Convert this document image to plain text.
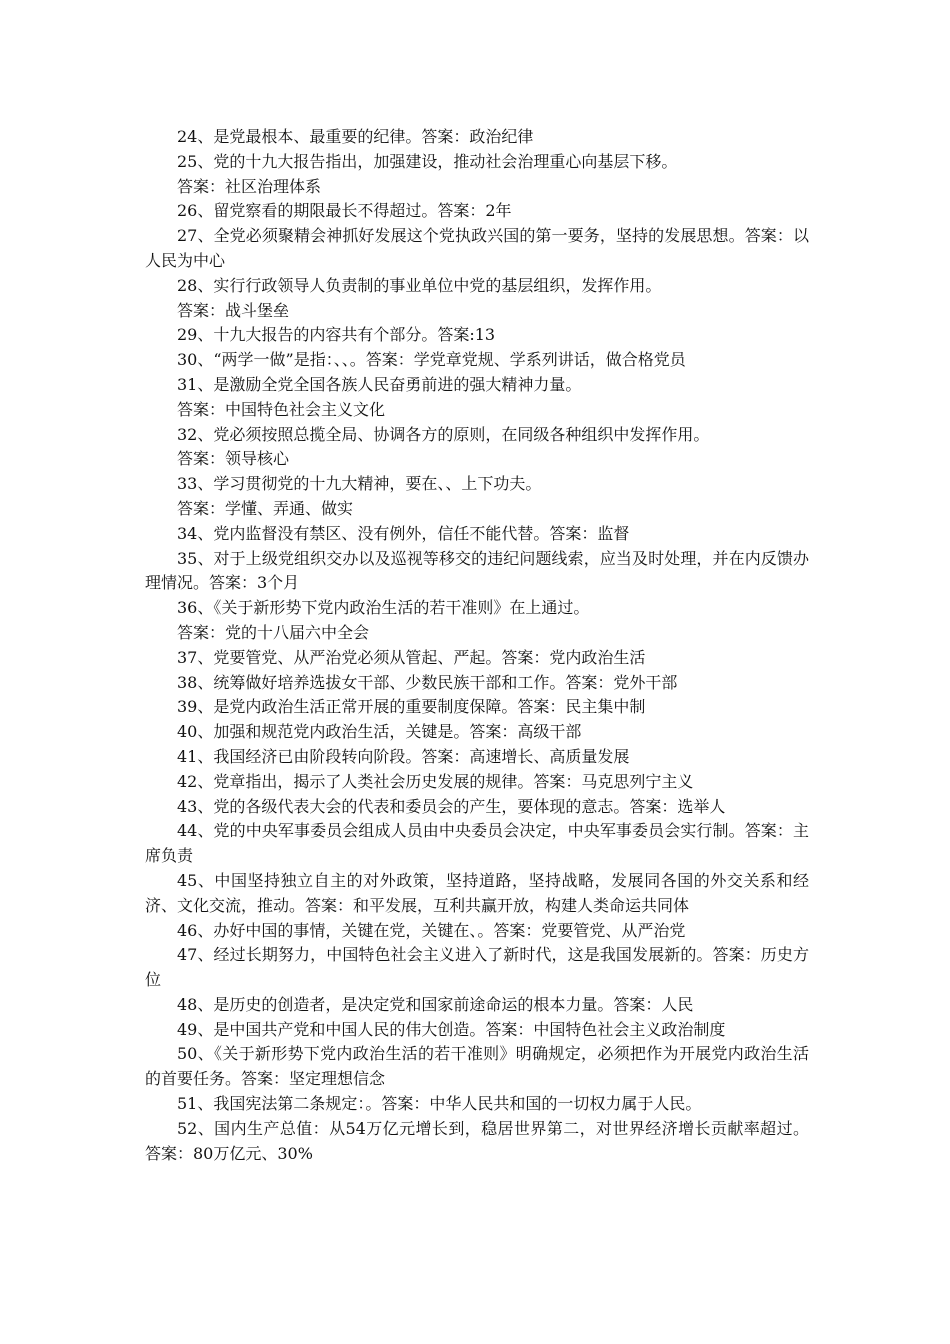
24、是党最根本、最重要的纪律。答案：政治纪律

25、党的十九大报告指出，加强建设，推动社会治理重心向基层下移。

答案：社区治理体系

26、留党察看的期限最长不得超过。答案：2年

27、全党必须聚精会神抓好发展这个党执政兴国的第一要务，坚持的发展思想。答案：以人民为中心

28、实行行政领导人负责制的事业单位中党的基层组织，发挥作用。

答案：战斗堡垒

29、十九大报告的内容共有个部分。答案:13

30、“两学一做”是指：、、。答案：学党章党规、学系列讲话，做合格党员

31、是激励全党全国各族人民奋勇前进的强大精神力量。

答案：中国特色社会主义文化

32、党必须按照总揽全局、协调各方的原则，在同级各种组织中发挥作用。

答案：领导核心

33、学习贯彻党的十九大精神，要在、、上下功夫。

答案：学懂、弄通、做实

34、党内监督没有禁区、没有例外，信任不能代替。答案：监督

35、对于上级党组织交办以及巡视等移交的违纪问题线索，应当及时处理，并在内反馈办理情况。答案：3个月

36、《关于新形势下党内政治生活的若干准则》在上通过。

答案：党的十八届六中全会

37、党要管党、从严治党必须从管起、严起。答案：党内政治生活

38、统筹做好培养选拔女干部、少数民族干部和工作。答案：党外干部

39、是党内政治生活正常开展的重要制度保障。答案：民主集中制

40、加强和规范党内政治生活，关键是。答案：高级干部

41、我国经济已由阶段转向阶段。答案：高速增长、高质量发展

42、党章指出，揭示了人类社会历史发展的规律。答案：马克思列宁主义

43、党的各级代表大会的代表和委员会的产生，要体现的意志。答案：选举人

44、党的中央军事委员会组成人员由中央委员会决定，中央军事委员会实行制。答案：主席负责

45、中国坚持独立自主的对外政策，坚持道路，坚持战略，发展同各国的外交关系和经济、文化交流，推动。答案：和平发展，互利共赢开放，构建人类命运共同体

46、办好中国的事情，关键在党，关键在、。答案：党要管党、从严治党

47、经过长期努力，中国特色社会主义进入了新时代，这是我国发展新的。答案：历史方位

48、是历史的创造者，是决定党和国家前途命运的根本力量。答案：人民

49、是中国共产党和中国人民的伟大创造。答案：中国特色社会主义政治制度

50、《关于新形势下党内政治生活的若干准则》明确规定，必须把作为开展党内政治生活的首要任务。答案：坚定理想信念

51、我国宪法第二条规定：。答案：中华人民共和国的一切权力属于人民。

52、国内生产总值：从54万亿元增长到，稳居世界第二，对世界经济增长贡献率超过。答案：80万亿元、30%
